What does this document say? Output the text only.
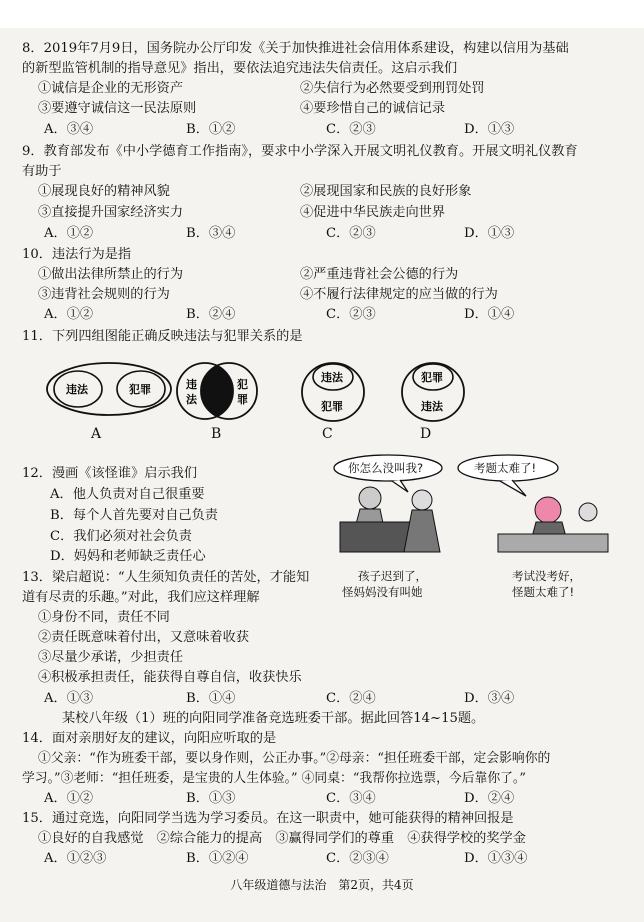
8．2019年7月9日，国务院办公厅印发《关于加快推进社会信用体系建设，构建以信用为基础
的新型监管机制的指导意见》指出，要依法追究违法失信责任。这启示我们
①诚信是企业的无形资产	②失信行为必然要受到刑罚处罚
③要遵守诚信这一民法原则	④要珍惜自己的诚信记录
A．③④	B．①②	C．②③	D．①③
9．教育部发布《中小学德育工作指南》，要求中小学深入开展文明礼仪教育。开展文明礼仪教育
有助于
①展现良好的精神风貌	②展现国家和民族的良好形象
③直接提升国家经济实力	④促进中华民族走向世界
A．①②	B．③④	C．②③	D．①③
10．违法行为是指
①做出法律所禁止的行为	②严重违背社会公德的行为
③违背社会规则的行为	④不履行法律规定的应当做的行为
A．①②	B．②④	C．②③	D．①④
11．下列四组图能正确反映违法与犯罪关系的是
违法	犯罪	违
法
犯
罪
违法
犯罪
犯罪
违法
A	B	C	D
12．漫画《该怪谁》启示我们
A．他人负责对自己很重要
B．每个人首先要对自己负责
C．我们必须对社会负责
D．妈妈和老师缺乏责任心
你怎么没叫我?	考题太难了!
孩子迟到了，
怪妈妈没有叫她
考试没考好，
怪题太难了!
13．梁启超说：“人生须知负责任的苦处，才能知
道有尽责的乐趣。”对此，我们应这样理解
①身份不同，责任不同
②责任既意味着付出，又意味着收获
③尽量少承诺，少担责任
④积极承担责任，能获得自尊自信，收获快乐
A．①③	B．①④	C．②④	D．③④
某校八年级（1）班的向阳同学准备竞选班委干部。据此回答14~15题。
14．面对亲朋好友的建议，向阳应听取的是
①父亲：“作为班委干部，要以身作则，公正办事。”②母亲：“担任班委干部，定会影响你的
学习。”③老师：“担任班委，是宝贵的人生体验。” ④同桌：“我帮你拉选票，今后靠你了。”
A．①②	B．①③	C．③④	D．②④
15．通过竞选，向阳同学当选为学习委员。在这一职责中，她可能获得的精神回报是
①良好的自我感觉　②综合能力的提高　③赢得同学们的尊重　④获得学校的奖学金
A．①②③	B．①②④	C．②③④	D．①③④
八年级道德与法治　第2页，共4页
